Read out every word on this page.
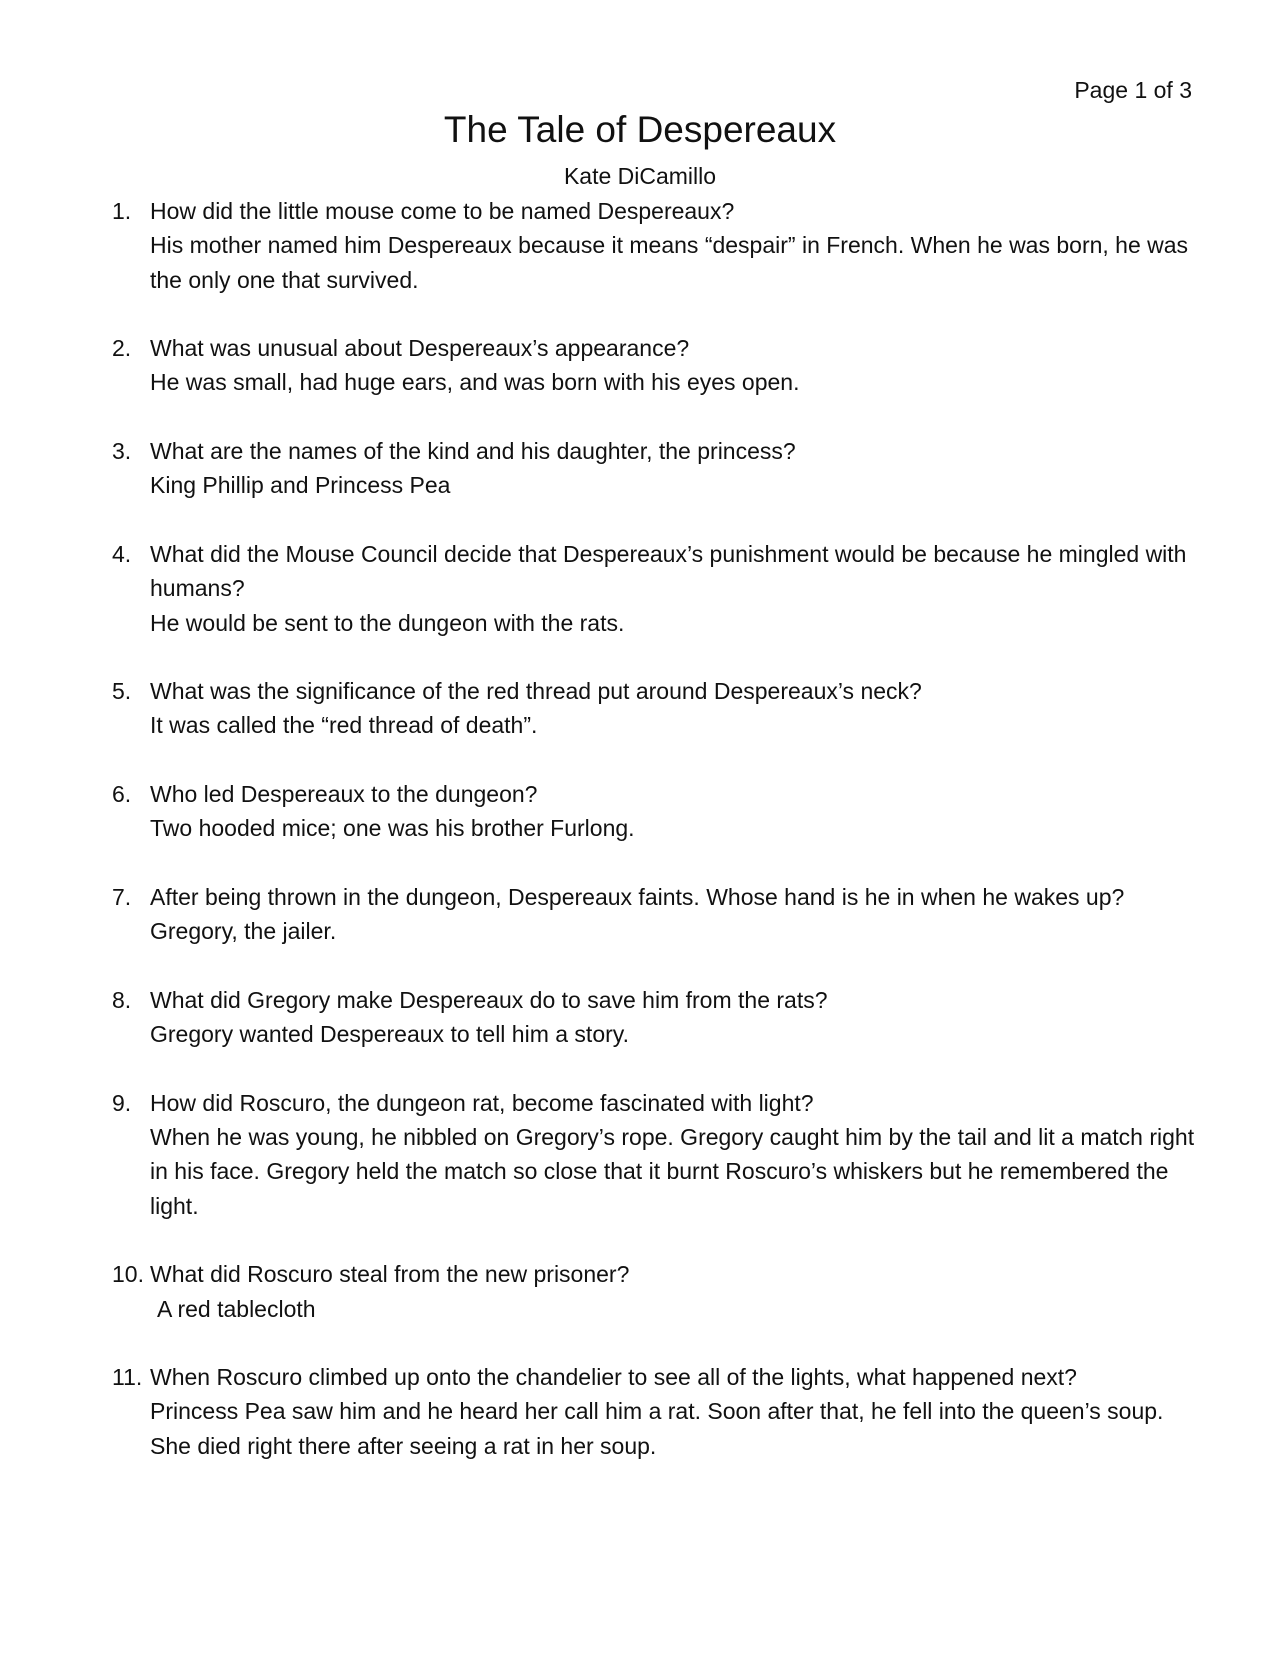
Page 1 of 3
The Tale of Despereaux
Kate DiCamillo
1. How did the little mouse come to be named Despereaux?

His mother named him Despereaux because it means “despair” in French. When he was born, he was the only one that survived.

2. What was unusual about Despereaux’s appearance?

He was small, had huge ears, and was born with his eyes open.

3. What are the names of the kind and his daughter, the princess?

King Phillip and Princess Pea

4. What did the Mouse Council decide that Despereaux’s punishment would be because he mingled with humans?

He would be sent to the dungeon with the rats.

5. What was the significance of the red thread put around Despereaux’s neck?

It was called the “red thread of death”.

6. Who led Despereaux to the dungeon?

Two hooded mice; one was his brother Furlong.

7. After being thrown in the dungeon, Despereaux faints. Whose hand is he in when he wakes up?

Gregory, the jailer.

8. What did Gregory make Despereaux do to save him from the rats?

Gregory wanted Despereaux to tell him a story.

9. How did Roscuro, the dungeon rat, become fascinated with light?

When he was young, he nibbled on Gregory’s rope. Gregory caught him by the tail and lit a match right in his face. Gregory held the match so close that it burnt Roscuro’s whiskers but he remembered the light.

10. What did Roscuro steal from the new prisoner?

A red tablecloth

11. When Roscuro climbed up onto the chandelier to see all of the lights, what happened next?

Princess Pea saw him and he heard her call him a rat. Soon after that, he fell into the queen’s soup. She died right there after seeing a rat in her soup.
